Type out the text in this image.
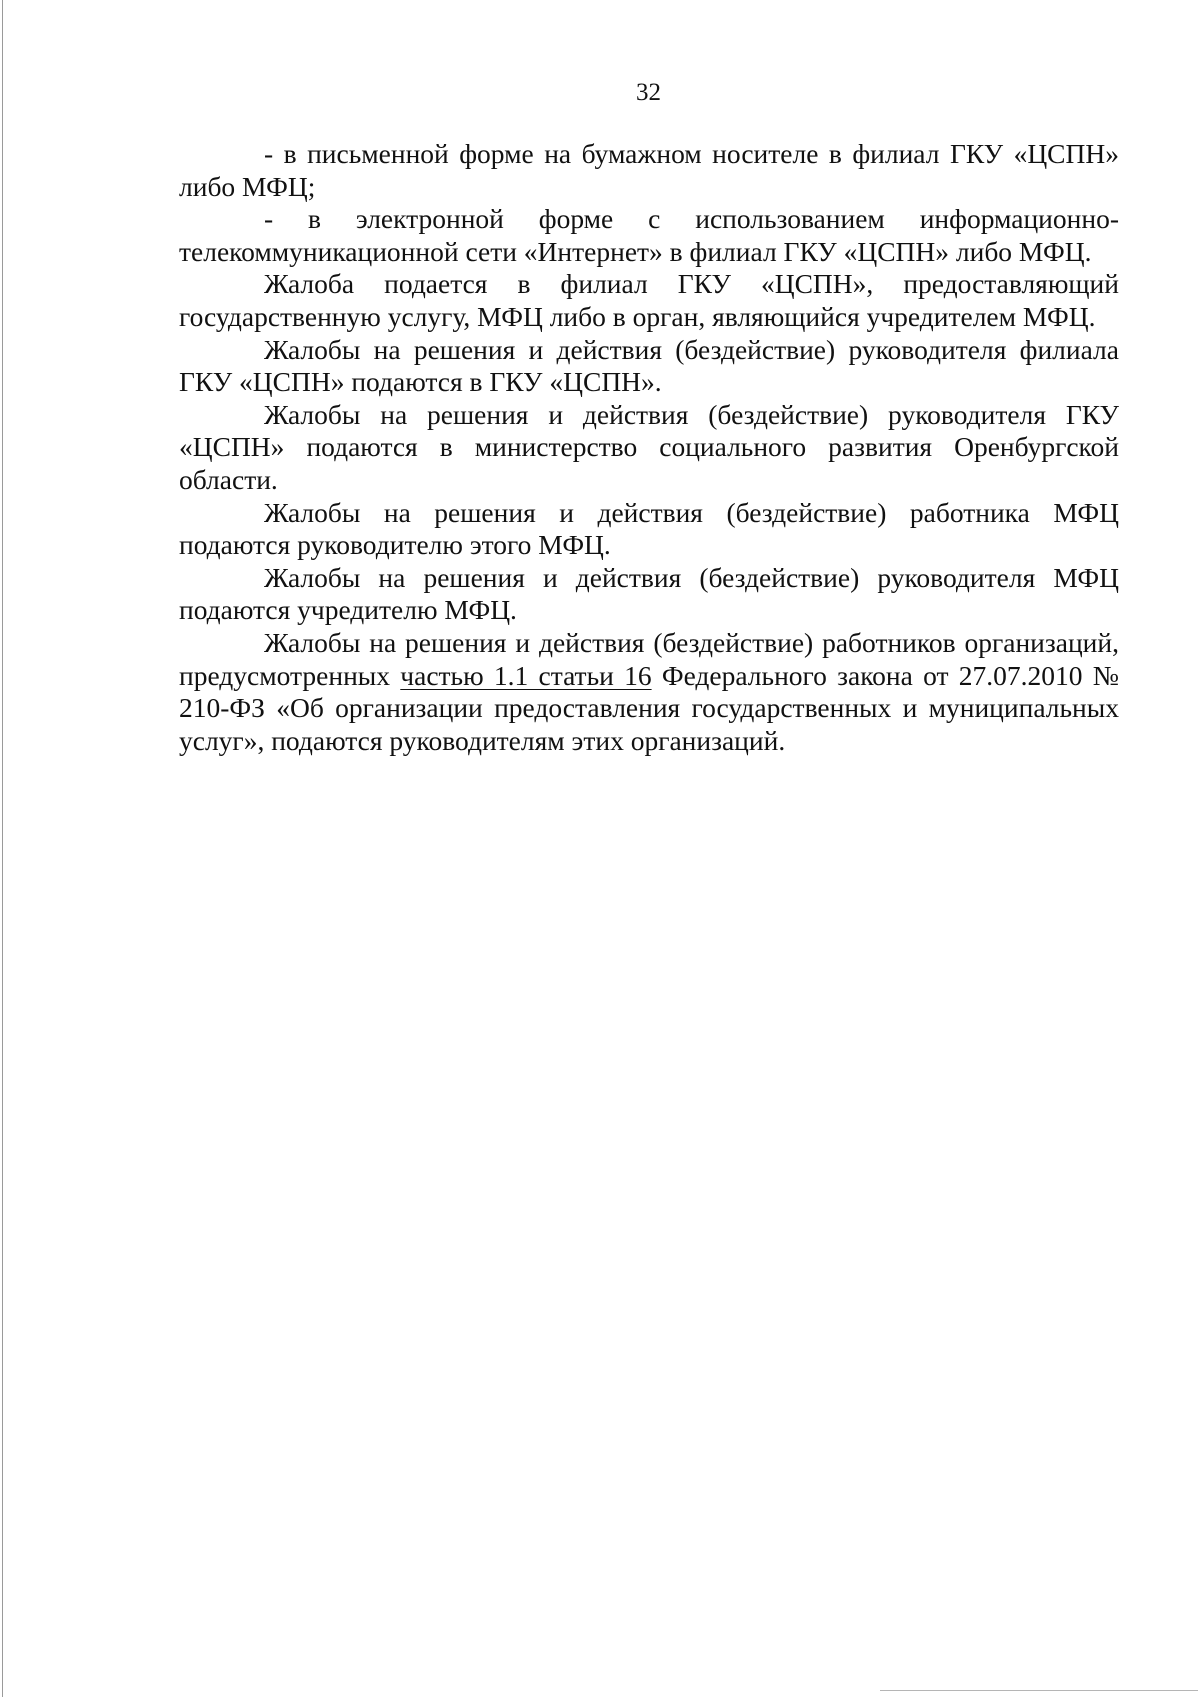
32

- в письменной форме на бумажном носителе в филиал ГКУ «ЦСПН» либо МФЦ;

- в электронной форме с использованием информационно-телекоммуникационной сети «Интернет» в филиал ГКУ «ЦСПН» либо МФЦ.

Жалоба подается в филиал ГКУ «ЦСПН», предоставляющий государственную услугу, МФЦ либо в орган, являющийся учредителем МФЦ.

Жалобы на решения и действия (бездействие) руководителя филиала ГКУ «ЦСПН» подаются в ГКУ «ЦСПН».

Жалобы на решения и действия (бездействие) руководителя ГКУ «ЦСПН» подаются в министерство социального развития Оренбургской области.

Жалобы на решения и действия (бездействие) работника МФЦ подаются руководителю этого МФЦ.

Жалобы на решения и действия (бездействие) руководителя МФЦ подаются учредителю МФЦ.

Жалобы на решения и действия (бездействие) работников организаций, предусмотренных частью 1.1 статьи 16 Федерального закона от 27.07.2010 № 210-ФЗ «Об организации предоставления государственных и муниципальных услуг», подаются руководителям этих организаций.
